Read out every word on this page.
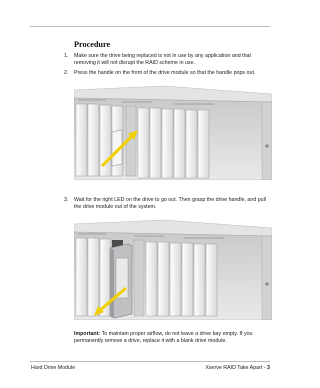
Procedure
1.	Make sure the drive being replaced is not in use by any application and that removing it will not disrupt the RAID scheme in use.
2.	Press the handle on the front of the drive module so that the handle pops out.
3.	Wait for the right LED on the drive to go out. Then grasp the drive handle, and pull the drive module out of the system.
Important: To maintain proper airflow, do not leave a drive bay empty. If you permanently remove a drive, replace it with a blank drive module.
Hard Drive Module	Xserve RAID Take Apart - 3
